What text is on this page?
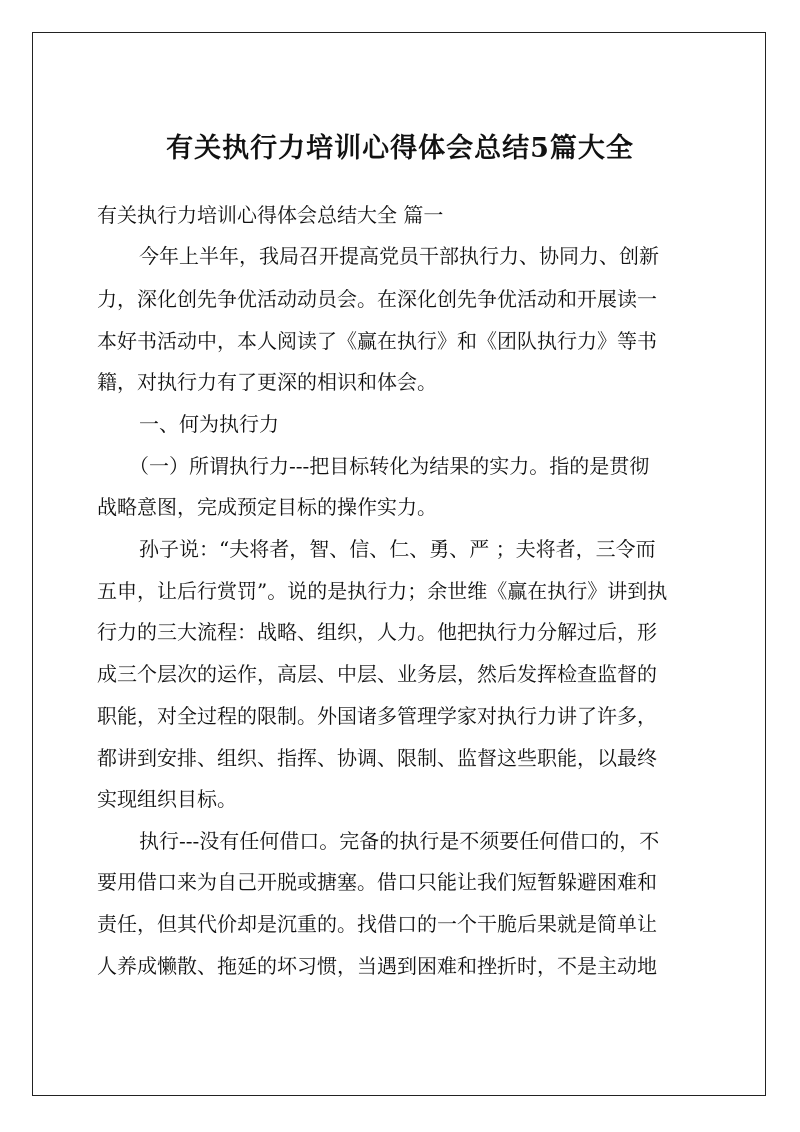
有关执行力培训心得体会总结5篇大全
有关执行力培训心得体会总结大全 篇一
今年上半年，我局召开提高党员干部执行力、协同力、创新
力，深化创先争优活动动员会。在深化创先争优活动和开展读一
本好书活动中，本人阅读了《赢在执行》和《团队执行力》等书
籍，对执行力有了更深的相识和体会。
一、何为执行力
（一）所谓执行力---把目标转化为结果的实力。指的是贯彻
战略意图，完成预定目标的操作实力。
孙子说：“夫将者，智、信、仁、勇、严 ；夫将者，三令而
五申，让后行赏罚”。说的是执行力；余世维《赢在执行》讲到执
行力的三大流程：战略、组织，人力。他把执行力分解过后，形
成三个层次的运作，高层、中层、业务层，然后发挥检查监督的
职能，对全过程的限制。外国诸多管理学家对执行力讲了许多，
都讲到安排、组织、指挥、协调、限制、监督这些职能，以最终
实现组织目标。
执行---没有任何借口。完备的执行是不须要任何借口的，不
要用借口来为自己开脱或搪塞。借口只能让我们短暂躲避困难和
责任，但其代价却是沉重的。找借口的一个干脆后果就是简单让
人养成懒散、拖延的坏习惯，当遇到困难和挫折时，不是主动地
